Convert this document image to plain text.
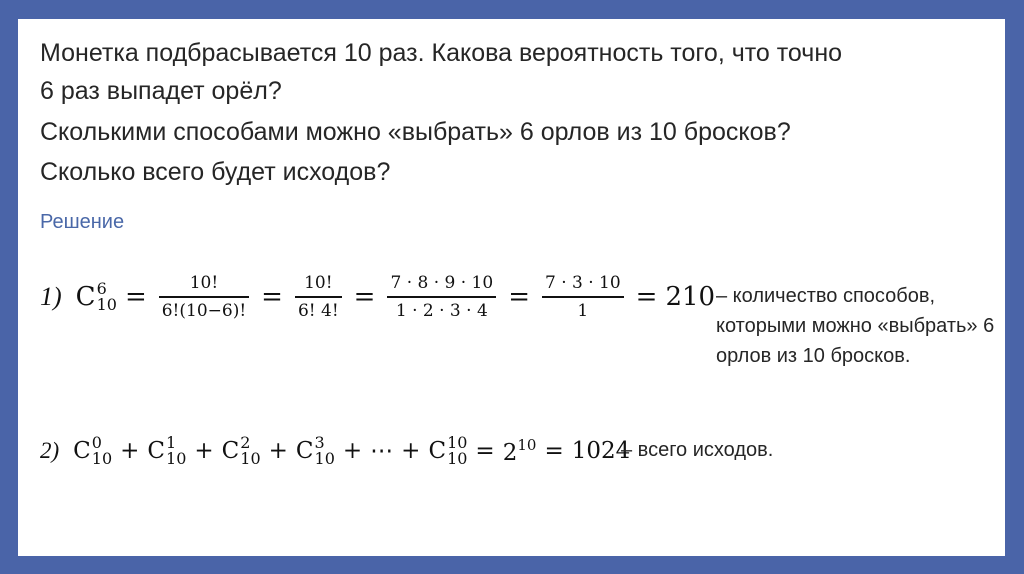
Монетка подбрасывается 10 раз. Какова вероятность того, что точно
6 раз выпадет орёл?
Сколькими способами можно «выбрать» 6 орлов из 10 бросков?
Сколько всего будет исходов?
Решение
1) C 6
$10 = \frac{10!}{6!(10-6)!} = \frac{10!}{6! 4!} = \frac{7 \cdot 8 \cdot 9 \cdot 10}{1 \cdot 2 \cdot 3 \cdot 4} = \frac{7 \cdot 3 \cdot 10}{1} = 210$ – количество способов, которыми можно «выбрать» 6 орлов из 10 бросков.
2) C 0
10 + C 1
10 + C 2
10 + C 3
10 + ⋯ + C 10
$10 = 2^{10} = 1024$
– всего исходов.
